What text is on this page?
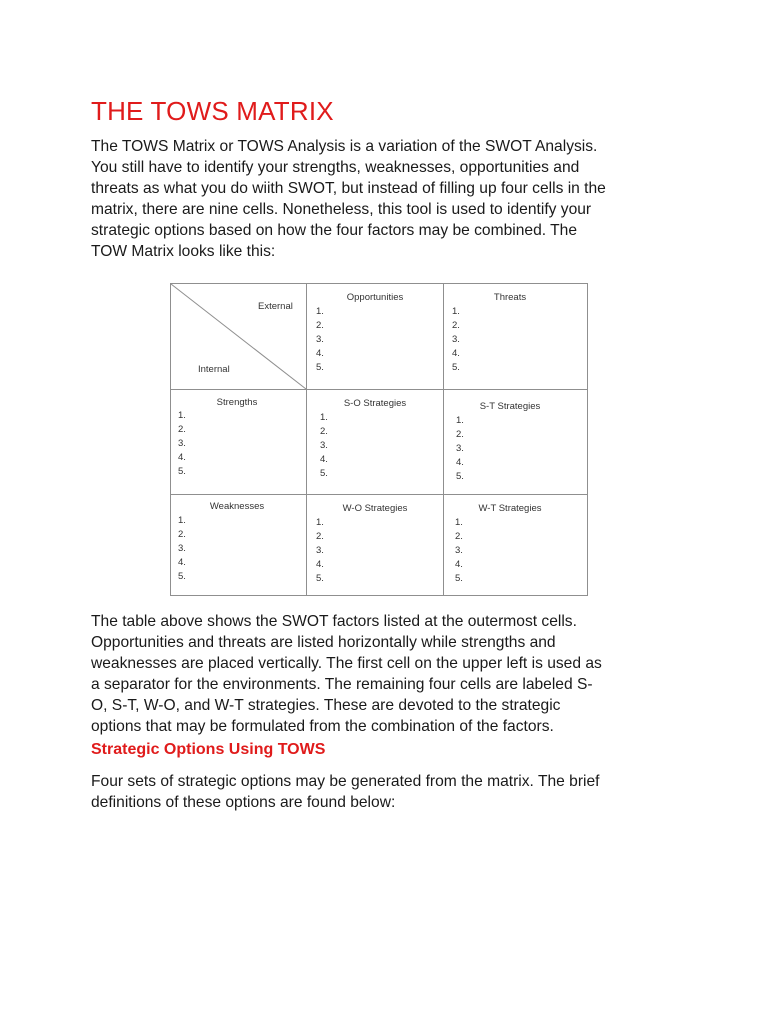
THE TOWS MATRIX

The TOWS Matrix or TOWS Analysis is a variation of the SWOT Analysis.
You still have to identify your strengths, weaknesses, opportunities and
threats as what you do wiith SWOT, but instead of filling up four cells in the
matrix, there are nine cells. Nonetheless, this tool is used to identify your
strategic options based on how the four factors may be combined. The
TOW Matrix looks like this:

The table above shows the SWOT factors listed at the outermost cells.
Opportunities and threats are listed horizontally while strengths and
weaknesses are placed vertically. The first cell on the upper left is used as
a separator for the environments. The remaining four cells are labeled S-
O, S-T, W-O, and W-T strategies. These are devoted to the strategic
options that may be formulated from the combination of the factors.

Strategic Options Using TOWS

Four sets of strategic options may be generated from the matrix. The brief
definitions of these options are found below:

External
Internal
Opportunities
1.
2.
3.
4.
5.
Threats
1.
2.
3.
4.
5.
Strengths
1.
2.
3.
4.
5.
S-O Strategies
1.
2.
3.
4.
5.
S-T Strategies
1.
2.
3.
4.
5.
Weaknesses
1.
2.
3.
4.
5.
W-O Strategies
1.
2.
3.
4.
5.
W-T Strategies
1.
2.
3.
4.
5.
